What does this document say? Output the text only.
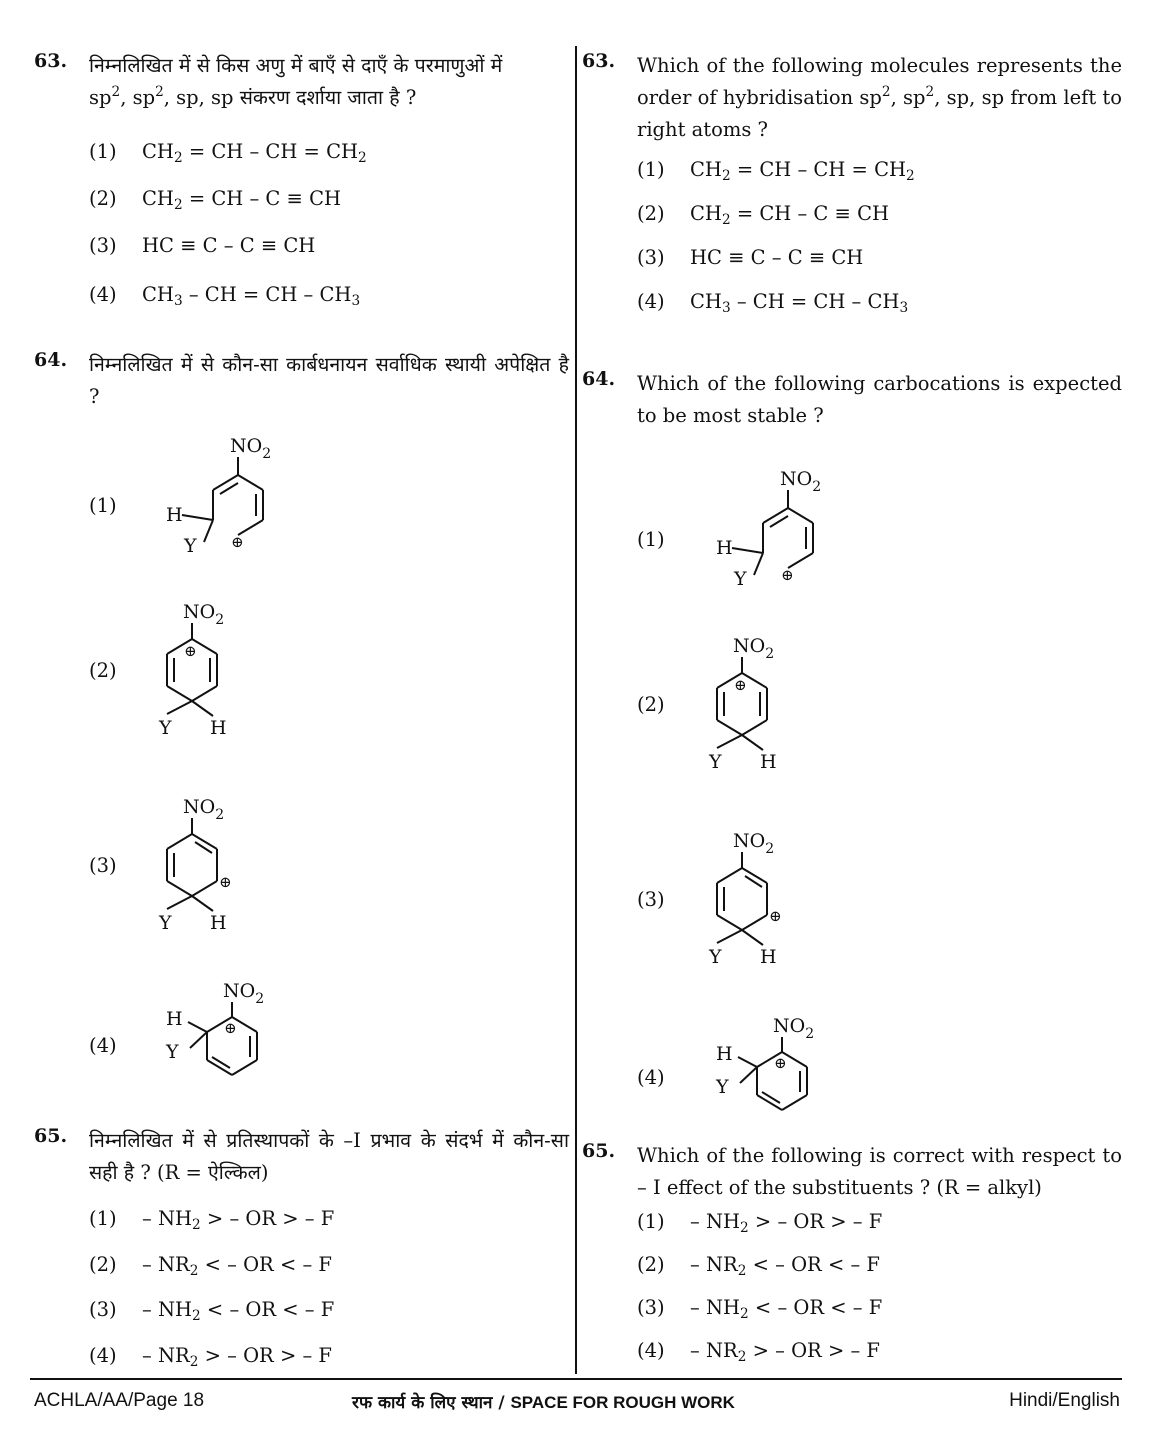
63. निम्नलिखित में से किस अणु में बाएँ से दाएँ के परमाणुओं में
$sp^2$, $sp^2$, sp, sp संकरण दर्शाया जाता है ?
(1) $CH_2$ = CH – CH = $CH_2$
(2) $CH_2$ = CH – C ≡ CH
(3) HC ≡ C – C ≡ CH
(4) $CH_3$ – CH = CH – $CH_3$
64. निम्नलिखित में से कौन-सा कार्बधनायन सर्वाधिक स्थायी अपेक्षित है ?
(1)
(2)
(3)
(4)
65. निम्नलिखित में से प्रतिस्थापकों के –I प्रभाव के संदर्भ में कौन-सा सही है ? (R = ऐल्किल)
$(1) - NH_2$ > – OR > – F
$(2) - NR_2$ < – OR < – F
$(3) - NH_2$ < – OR < – F
$(4) - NR_2$ > – OR > – F
$NO_2$
H
Y ⊕
$NO_2$
⊕
Y H
$NO_2$
⊕
Y H
$NO_2$
⊕
H
Y
63. Which of the following molecules represents the order of hybridisation $sp^2$, $sp^2$, sp, sp from left to right atoms ?
(1) $CH_2$ = CH – CH = $CH_2$
(2) $CH_2$ = CH – C ≡ CH
(3) HC ≡ C – C ≡ CH
(4) $CH_3$ – CH = CH – $CH_3$
64. Which of the following carbocations is expected to be most stable ?
(1)
(2)
(3)
(4)
65. Which of the following is correct with respect to – I effect of the substituents ? (R = alkyl)
$(1) - NH_2$ > – OR > – F
$(2) - NR_2$ < – OR < – F
$(3) - NH_2$ < – OR < – F
$(4) - NR_2$ > – OR > – F
$NO_2$
H
Y ⊕
$NO_2$
⊕
Y H
$NO_2$
⊕
Y H
$NO_2$
⊕
H
Y
ACHLA/AA/Page 18	रफ कार्य के लिए स्थान / SPACE FOR ROUGH WORK	Hindi/English
